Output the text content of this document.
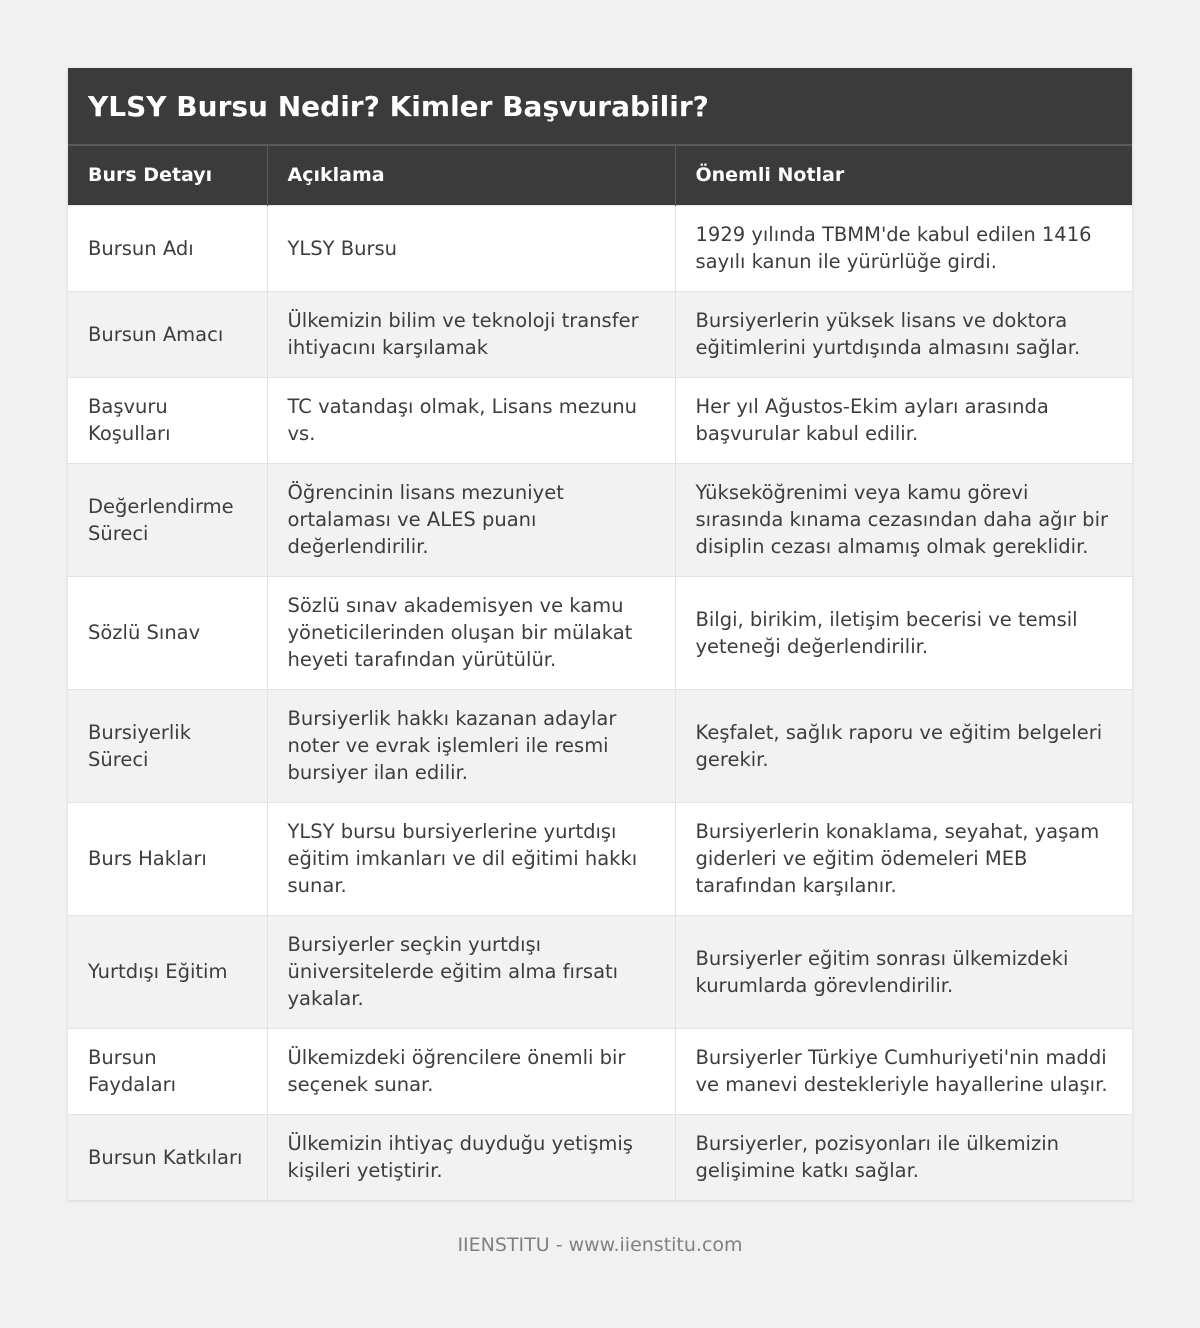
YLSY Bursu Nedir? Kimler Başvurabilir?
Burs Detayı	Açıklama	Önemli Notlar
Bursun Adı	YLSY Bursu	1929 yılında TBMM'de kabul edilen 1416 sayılı kanun ile yürürlüğe girdi.
Bursun Amacı	Ülkemizin bilim ve teknoloji transfer ihtiyacını karşılamak	Bursiyerlerin yüksek lisans ve doktora eğitimlerini yurtdışında almasını sağlar.
Başvuru Koşulları	TC vatandaşı olmak, Lisans mezunu vs.	Her yıl Ağustos-Ekim ayları arasında başvurular kabul edilir.
Değerlendirme Süreci	Öğrencinin lisans mezuniyet ortalaması ve ALES puanı değerlendirilir.	Yükseköğrenimi veya kamu görevi sırasında kınama cezasından daha ağır bir disiplin cezası almamış olmak gereklidir.
Sözlü Sınav	Sözlü sınav akademisyen ve kamu yöneticilerinden oluşan bir mülakat heyeti tarafından yürütülür.	Bilgi, birikim, iletişim becerisi ve temsil yeteneği değerlendirilir.
Bursiyerlik Süreci	Bursiyerlik hakkı kazanan adaylar noter ve evrak işlemleri ile resmi bursiyer ilan edilir.	Keşfalet, sağlık raporu ve eğitim belgeleri gerekir.
Burs Hakları	YLSY bursu bursiyerlerine yurtdışı eğitim imkanları ve dil eğitimi hakkı sunar.	Bursiyerlerin konaklama, seyahat, yaşam giderleri ve eğitim ödemeleri MEB tarafından karşılanır.
Yurtdışı Eğitim	Bursiyerler seçkin yurtdışı üniversitelerde eğitim alma fırsatı yakalar.	Bursiyerler eğitim sonrası ülkemizdeki kurumlarda görevlendirilir.
Bursun Faydaları	Ülkemizdeki öğrencilere önemli bir seçenek sunar.	Bursiyerler Türkiye Cumhuriyeti'nin maddi ve manevi destekleriyle hayallerine ulaşır.
Bursun Katkıları	Ülkemizin ihtiyaç duyduğu yetişmiş kişileri yetiştirir.	Bursiyerler, pozisyonları ile ülkemizin gelişimine katkı sağlar.
IIENSTITU - www.iienstitu.com
